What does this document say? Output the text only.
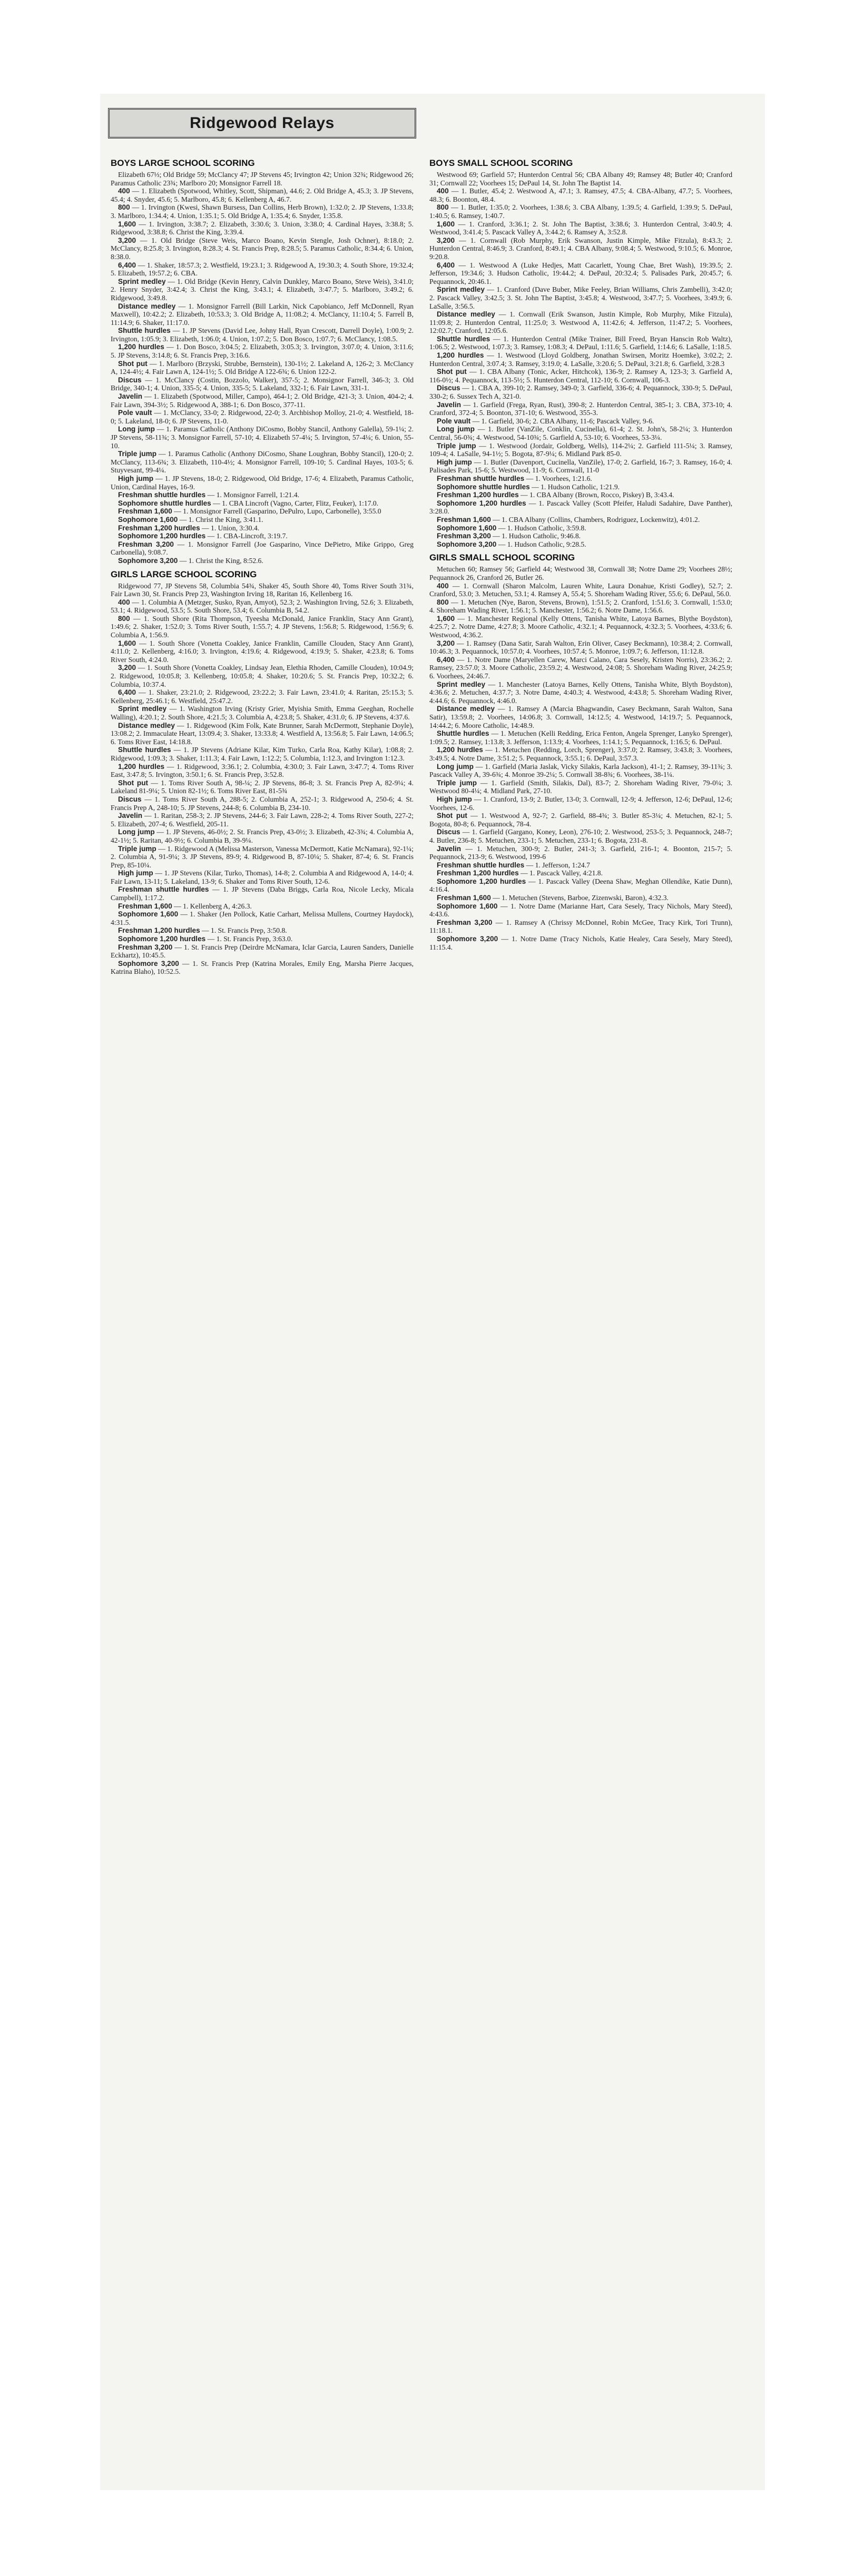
Ridgewood Relays
BOYS LARGE SCHOOL SCORING

Elizabeth 67⅓; Old Bridge 59; McClancy 47; JP Stevens 45; Irvington 42; Union 32¾; Ridgewood 26; Paramus Catholic 23¾; Marlboro 20; Monsignor Farrell 18.

400 — 1. Elizabeth (Spotwood, Whitley, Scott, Shipman), 44.6; 2. Old Bridge A, 45.3; 3. JP Stevens, 45.4; 4. Snyder, 45.6; 5. Marlboro, 45.8; 6. Kellenberg A, 46.7.

800 — 1. Irvington (Kwesi, Shawn Bursess, Dan Collins, Herb Brown), 1:32.0; 2. JP Stevens, 1:33.8; 3. Marlboro, 1:34.4; 4. Union, 1:35.1; 5. Old Bridge A, 1:35.4; 6. Snyder, 1:35.8.

1,600 — 1. Irvington, 3:38.7; 2. Elizabeth, 3:30.6; 3. Union, 3:38.0; 4. Cardinal Hayes, 3:38.8; 5. Ridgewood, 3:38.8; 6. Christ the King, 3:39.4.

3,200 — 1. Old Bridge (Steve Weis, Marco Boano, Kevin Stengle, Josh Ochner), 8:18.0; 2. McClancy, 8:25.8; 3. Irvington, 8:28.3; 4. St. Francis Prep, 8:28.5; 5. Paramus Catholic, 8:34.4; 6. Union, 8:38.0.

6,400 — 1. Shaker, 18:57.3; 2. Westfield, 19:23.1; 3. Ridgewood A, 19:30.3; 4. South Shore, 19:32.4; 5. Elizabeth, 19:57.2; 6. CBA.

Sprint medley — 1. Old Bridge (Kevin Henry, Calvin Dunkley, Marco Boano, Steve Weis), 3:41.0; 2. Henry Snyder, 3:42.4; 3. Christ the King, 3:43.1; 4. Elizabeth, 3:47.7; 5. Marlboro, 3:49.2; 6. Ridgewood, 3:49.8.

Distance medley — 1. Monsignor Farrell (Bill Larkin, Nick Capobianco, Jeff McDonnell, Ryan Maxwell), 10:42.2; 2. Elizabeth, 10:53.3; 3. Old Bridge A, 11:08.2; 4. McClancy, 11:10.4; 5. Farrell B, 11:14.9; 6. Shaker, 11:17.0.

Shuttle hurdles — 1. JP Stevens (David Lee, Johny Hall, Ryan Crescott, Darrell Doyle), 1:00.9; 2. Irvington, 1:05.9; 3. Elizabeth, 1:06.0; 4. Union, 1:07.2; 5. Don Bosco, 1:07.7; 6. McClancy, 1:08.5.

1,200 hurdles — 1. Don Bosco, 3:04.5; 2. Elizabeth, 3:05.3; 3. Irvington, 3:07.0; 4. Union, 3:11.6; 5. JP Stevens, 3:14.8; 6. St. Francis Prep, 3:16.6.

Shot put — 1. Marlboro (Brzyski, Strubbe, Bernstein), 130-1½; 2. Lakeland A, 126-2; 3. McClancy A, 124-4½; 4. Fair Lawn A, 124-1½; 5. Old Bridge A 122-6¾; 6. Union 122-2.

Discus — 1. McClancy (Costin, Bozzolo, Walker), 357-5; 2. Monsignor Farrell, 346-3; 3. Old Bridge, 340-1; 4. Union, 335-5; 4. Union, 335-5; 5. Lakeland, 332-1; 6. Fair Lawn, 331-1.

Javelin — 1. Elizabeth (Spotwood, Miller, Campo), 464-1; 2. Old Bridge, 421-3; 3. Union, 404-2; 4. Fair Lawn, 394-3½; 5. Ridgewood A, 388-1; 6. Don Bosco, 377-11.

Pole vault — 1. McClancy, 33-0; 2. Ridgewood, 22-0; 3. Archbishop Molloy, 21-0; 4. Westfield, 18-0; 5. Lakeland, 18-0; 6. JP Stevens, 11-0.

Long jump — 1. Paramus Catholic (Anthony DiCosmo, Bobby Stancil, Anthony Galella), 59-1¼; 2. JP Stevens, 58-11¾; 3. Monsignor Farrell, 57-10; 4. Elizabeth 57-4¼; 5. Irvington, 57-4¼; 6. Union, 55-10.

Triple jump — 1. Paramus Catholic (Anthony DiCosmo, Shane Loughran, Bobby Stancil), 120-0; 2. McClancy, 113-6¾; 3. Elizabeth, 110-4½; 4. Monsignor Farrell, 109-10; 5. Cardinal Hayes, 103-5; 6. Stuyvesant, 99-4¼.

High jump — 1. JP Stevens, 18-0; 2. Ridgewood, Old Bridge, 17-6; 4. Elizabeth, Paramus Catholic, Union, Cardinal Hayes, 16-9.

Freshman shuttle hurdles — 1. Monsignor Farrell, 1:21.4.

Sophomore shuttle hurdles — 1. CBA Lincroft (Vagno, Carter, Flitz, Feuker), 1:17.0.

Freshman 1,600 — 1. Monsignor Farrell (Gasparino, DePulro, Lupo, Carbonelle), 3:55.0

Sophomore 1,600 — 1. Christ the King, 3:41.1.

Freshman 1,200 hurdles — 1. Union, 3:30.4.

Sophomore 1,200 hurdles — 1. CBA-Lincroft, 3:19.7.

Freshman 3,200 — 1. Monsignor Farrell (Joe Gasparino, Vince DePietro, Mike Grippo, Greg Carbonella), 9:08.7.

Sophomore 3,200 — 1. Christ the King, 8:52.6.

GIRLS LARGE SCHOOL SCORING

Ridgewood 77, JP Stevens 58, Columbia 54¾, Shaker 45, South Shore 40, Toms River South 31¾, Fair Lawn 30, St. Francis Prep 23, Washington Irving 18, Raritan 16, Kellenberg 16.

400 — 1. Columbia A (Metzger, Susko, Ryan, Amyot), 52.3; 2. Washington Irving, 52.6; 3. Elizabeth, 53.1; 4. Ridgewood, 53.5; 5. South Shore, 53.4; 6. Columbia B, 54.2.

800 — 1. South Shore (Rita Thompson, Tyeesha McDonald, Janice Franklin, Stacy Ann Grant), 1:49.6; 2. Shaker, 1:52.0; 3. Toms River South, 1:55.7; 4. JP Stevens, 1:56.8; 5. Ridgewood, 1:56.9; 6. Columbia A, 1:56.9.

1,600 — 1. South Shore (Vonetta Coakley, Janice Franklin, Camille Clouden, Stacy Ann Grant), 4:11.0; 2. Kellenberg, 4:16.0; 3. Irvington, 4:19.6; 4. Ridgewood, 4:19.9; 5. Shaker, 4:23.8; 6. Toms River South, 4:24.0.

3,200 — 1. South Shore (Vonetta Coakley, Lindsay Jean, Elethia Rhoden, Camille Clouden), 10:04.9; 2. Ridgewood, 10:05.8; 3. Kellenberg, 10:05.8; 4. Shaker, 10:20.6; 5. St. Francis Prep, 10:32.2; 6. Columbia, 10:37.4.

6,400 — 1. Shaker, 23:21.0; 2. Ridgewood, 23:22.2; 3. Fair Lawn, 23:41.0; 4. Raritan, 25:15.3; 5. Kellenberg, 25:46.1; 6. Westfield, 25:47.2.

Sprint medley — 1. Washington Irving (Kristy Grier, Myishia Smith, Emma Geeghan, Rochelle Walling), 4:20.1; 2. South Shore, 4:21.5; 3. Columbia A, 4:23.8; 5. Shaker, 4:31.0; 6. JP Stevens, 4:37.6.

Distance medley — 1. Ridgewood (Kim Folk, Kate Brunner, Sarah McDermott, Stephanie Doyle), 13:08.2; 2. Immaculate Heart, 13:09.4; 3. Shaker, 13:33.8; 4. Westfield A, 13:56.8; 5. Fair Lawn, 14:06.5; 6. Toms River East, 14:18.8.

Shuttle hurdles — 1. JP Stevens (Adriane Kilar, Kim Turko, Carla Roa, Kathy Kilar), 1:08.8; 2. Ridgewood, 1:09.3; 3. Shaker, 1:11.3; 4. Fair Lawn, 1:12.2; 5. Columbia, 1:12.3, and Irvington 1:12.3.

1,200 hurdles — 1. Ridgewood, 3:36.1; 2. Columbia, 4:30.0; 3. Fair Lawn, 3:47.7; 4. Toms River East, 3:47.8; 5. Irvington, 3:50.1; 6. St. Francis Prep, 3:52.8.

Shot put — 1. Toms River South A, 98-¼; 2. JP Stevens, 86-8; 3. St. Francis Prep A, 82-9¼; 4. Lakeland 81-9¼; 5. Union 82-1½; 6. Toms River East, 81-5¾

Discus — 1. Toms River South A, 288-5; 2. Columbia A, 252-1; 3. Ridgewood A, 250-6; 4. St. Francis Prep A, 248-10; 5. JP Stevens, 244-8; 6. Columbia B, 234-10.

Javelin — 1. Raritan, 258-3; 2. JP Stevens, 244-6; 3. Fair Lawn, 228-2; 4. Toms River South, 227-2; 5. Elizabeth, 207-4; 6. Westfield, 205-11.

Long jump — 1. JP Stevens, 46-0½; 2. St. Francis Prep, 43-0½; 3. Elizabeth, 42-3¾; 4. Columbia A, 42-1½; 5. Raritan, 40-9½; 6. Columbia B, 39-9¼.

Triple jump — 1. Ridgewood A (Melissa Masterson, Vanessa McDermott, Katie McNamara), 92-1¼; 2. Columbia A, 91-9¼; 3. JP Stevens, 89-9; 4. Ridgewood B, 87-10¼; 5. Shaker, 87-4; 6. St. Francis Prep, 85-10¼.

High jump — 1. JP Stevens (Kilar, Turko, Thomas), 14-8; 2. Columbia A and Ridgewood A, 14-0; 4. Fair Lawn, 13-11; 5. Lakeland, 13-9; 6. Shaker and Toms River South, 12-6.

Freshman shuttle hurdles — 1. JP Stevens (Daba Briggs, Carla Roa, Nicole Lecky, Micala Campbell), 1:17.2.

Freshman 1,600 — 1. Kellenberg A, 4:26.3.

Sophomore 1,600 — 1. Shaker (Jen Pollock, Katie Carhart, Melissa Mullens, Courtney Haydock), 4:31.5.

Freshman 1,200 hurdles — 1. St. Francis Prep, 3:50.8.

Sophomore 1,200 hurdles — 1. St. Francis Prep, 3:63.0.

Freshman 3,200 — 1. St. Francis Prep (Deirdre McNamara, Iclar Garcia, Lauren Sanders, Danielle Eckhartz), 10:45.5.

Sophomore 3,200 — 1. St. Francis Prep (Katrina Morales, Emily Eng, Marsha Pierre Jacques, Katrina Blaho), 10:52.5.

BOYS SMALL SCHOOL SCORING

Westwood 69; Garfield 57; Hunterdon Central 56; CBA Albany 49; Ramsey 48; Butler 40; Cranford 31; Cornwall 22; Voorhees 15; DePaul 14, St. John The Baptist 14.

400 — 1. Butler, 45.4; 2. Westwood A, 47.1; 3. Ramsey, 47.5; 4. CBA-Albany, 47.7; 5. Voorhees, 48.3; 6. Boonton, 48.4.

800 — 1. Butler, 1:35.0; 2. Voorhees, 1:38.6; 3. CBA Albany, 1:39.5; 4. Garfield, 1:39.9; 5. DePaul, 1:40.5; 6. Ramsey, 1:40.7.

1,600 — 1. Cranford, 3:36.1; 2. St. John The Baptist, 3:38.6; 3. Hunterdon Central, 3:40.9; 4. Westwood, 3:41.4; 5. Pascack Valley A, 3:44.2; 6. Ramsey A, 3:52.8.

3,200 — 1. Cornwall (Rob Murphy, Erik Swanson, Justin Kimple, Mike Fitzula), 8:43.3; 2. Hunterdon Central, 8:46.9; 3. Cranford, 8:49.1; 4. CBA Albany, 9:08.4; 5. Westwood, 9:10.5; 6. Monroe, 9:20.8.

6,400 — 1. Westwood A (Luke Hedjes, Matt Cacarlett, Young Chae, Bret Wash), 19:39.5; 2. Jefferson, 19:34.6; 3. Hudson Catholic, 19:44.2; 4. DePaul, 20:32.4; 5. Palisades Park, 20:45.7; 6. Pequannock, 20:46.1.

Sprint medley — 1. Cranford (Dave Buber, Mike Feeley, Brian Williams, Chris Zambelli), 3:42.0; 2. Pascack Valley, 3:42.5; 3. St. John The Baptist, 3:45.8; 4. Westwood, 3:47.7; 5. Voorhees, 3:49.9; 6. LaSalle, 3:56.5.

Distance medley — 1. Cornwall (Erik Swanson, Justin Kimple, Rob Murphy, Mike Fitzula), 11:09.8; 2. Hunterdon Central, 11:25.0; 3. Westwood A, 11:42.6; 4. Jefferson, 11:47.2; 5. Voorhees, 12:02.7; Cranford, 12:05.6.

Shuttle hurdles — 1. Hunterdon Central (Mike Trainer, Bill Freed, Bryan Hanscin Rob Waltz), 1:06.5; 2. Westwood, 1:07.3; 3. Ramsey, 1:08.3; 4. DePaul, 1:11.6; 5. Garfield, 1:14.6; 6. LaSalle, 1:18.5.

1,200 hurdles — 1. Westwood (Lloyd Goldberg, Jonathan Swirsen, Moritz Hoemke), 3:02.2; 2. Hunterdon Central, 3:07.4; 3. Ramsey, 3:19.0; 4. LaSalle, 3:20.6; 5. DePaul, 3:21.8; 6. Garfield, 3:28.3

Shot put — 1. CBA Albany (Tonic, Acker, Hitchcok), 136-9; 2. Ramsey A, 123-3; 3. Garfield A, 116-0½; 4. Pequannock, 113-5½; 5. Hunterdon Central, 112-10; 6. Cornwall, 106-3.

Discus — 1. CBA A, 399-10; 2. Ramsey, 349-0; 3. Garfield, 336-6; 4. Pequannock, 330-9; 5. DePaul, 330-2; 6. Sussex Tech A, 321-0.

Javelin — 1. Garfield (Frega, Ryan, Rust), 390-8; 2. Hunterdon Central, 385-1; 3. CBA, 373-10; 4. Cranford, 372-4; 5. Boonton, 371-10; 6. Westwood, 355-3.

Pole vault — 1. Garfield, 30-6; 2. CBA Albany, 11-6; Pascack Valley, 9-6.

Long jump — 1. Butler (VanZile, Conklin, Cucinella), 61-4; 2. St. John's, 58-2¼; 3. Hunterdon Central, 56-0¾; 4. Westwood, 54-10¾; 5. Garfield A, 53-10; 6. Voorhees, 53-3¼.

Triple jump — 1. Westwood (Jordair, Goldberg, Wells), 114-2¼; 2. Garfield 111-5¼; 3. Ramsey, 109-4; 4. LaSalle, 94-1½; 5. Bogota, 87-9¼; 6. Midland Park 85-0.

High jump — 1. Butler (Davenport, Cucinella, VanZile), 17-0; 2. Garfield, 16-7; 3. Ramsey, 16-0; 4. Palisades Park, 15-6; 5. Westwood, 11-9; 6. Cornwall, 11-0

Freshman shuttle hurdles — 1. Voorhees, 1:21.6.

Sophomore shuttle hurdles — 1. Hudson Catholic, 1:21.9.

Freshman 1,200 hurdles — 1. CBA Albany (Brown, Rocco, Piskey) B, 3:43.4.

Sophomore 1,200 hurdles — 1. Pascack Valley (Scott Pfeifer, Haludi Sadahire, Dave Panther), 3:28.0.

Freshman 1,600 — 1. CBA Albany (Collins, Chambers, Rodriguez, Lockenwitz), 4:01.2.

Sophomore 1,600 — 1. Hudson Catholic, 3:59.8.

Freshman 3,200 — 1. Hudson Catholic, 9:46.8.

Sophomore 3,200 — 1. Hudson Catholic, 9:28.5.

GIRLS SMALL SCHOOL SCORING

Metuchen 60; Ramsey 56; Garfield 44; Westwood 38, Cornwall 38; Notre Dame 29; Voorhees 28½; Pequannock 26, Cranford 26, Butler 26.

400 — 1. Cornwall (Sharon Malcolm, Lauren White, Laura Donahue, Kristi Godley), 52.7; 2. Cranford, 53.0; 3. Metuchen, 53.1; 4. Ramsey A, 55.4; 5. Shoreham Wading River, 55.6; 6. DePaul, 56.0.

800 — 1. Metuchen (Nye, Baron, Stevens, Brown), 1:51.5; 2. Cranford, 1:51.6; 3. Cornwall, 1:53.0; 4. Shoreham Wading River, 1:56.1; 5. Manchester, 1:56.2; 6. Notre Dame, 1:56.6.

1,600 — 1. Manchester Regional (Kelly Ottens, Tanisha White, Latoya Barnes, Blythe Boydston), 4:25.7; 2. Notre Dame, 4:27.8; 3. Moore Catholic, 4:32.1; 4. Pequannock, 4:32.3; 5. Voorhees, 4:33.6; 6. Westwood, 4:36.2.

3,200 — 1. Ramsey (Dana Satir, Sarah Walton, Erin Oliver, Casey Beckmann), 10:38.4; 2. Cornwall, 10:46.3; 3. Pequannock, 10:57.0; 4. Voorhees, 10:57.4; 5. Monroe, 1:09.7; 6. Jefferson, 11:12.8.

6,400 — 1. Notre Dame (Maryellen Carew, Marci Calano, Cara Sesely, Kristen Norris), 23:36.2; 2. Ramsey, 23:57.0; 3. Moore Catholic, 23:59.2; 4. Westwood, 24:08; 5. Shoreham Wading River, 24:25.9; 6. Voorhees, 24:46.7.

Sprint medley — 1. Manchester (Latoya Barnes, Kelly Ottens, Tanisha White, Blyth Boydston), 4:36.6; 2. Metuchen, 4:37.7; 3. Notre Dame, 4:40.3; 4. Westwood, 4:43.8; 5. Shoreham Wading River, 4:44.6; 6. Pequannock, 4:46.0.

Distance medley — 1. Ramsey A (Marcia Bhagwandin, Casey Beckmann, Sarah Walton, Sana Satir), 13:59.8; 2. Voorhees, 14:06.8; 3. Cornwall, 14:12.5; 4. Westwood, 14:19.7; 5. Pequannock, 14:44.2; 6. Moore Catholic, 14:48.9.

Shuttle hurdles — 1. Metuchen (Kelli Redding, Erica Fenton, Angela Sprenger, Lanyko Sprenger), 1:09.5; 2. Ramsey, 1:13.8; 3. Jefferson, 1:13.9; 4. Voorhees, 1:14.1; 5. Pequannock, 1:16.5; 6. DePaul.

1,200 hurdles — 1. Metuchen (Redding, Lorch, Sprenger), 3:37.0; 2. Ramsey, 3:43.8; 3. Voorhees, 3:49.5; 4. Notre Dame, 3:51.2; 5. Pequannock, 3:55.1; 6. DePaul, 3:57.3.

Long jump — 1. Garfield (Maria Jaslak, Vicky Silakis, Karla Jackson), 41-1; 2. Ramsey, 39-11¾; 3. Pascack Valley A, 39-6¾; 4. Monroe 39-2¼; 5. Cornwall 38-8¾; 6. Voorhees, 38-1¼.

Triple jump — 1. Garfield (Smith, Silakis, Dal), 83-7; 2. Shoreham Wading River, 79-0¼; 3. Westwood 80-4¼; 4. Midland Park, 27-10.

High jump — 1. Cranford, 13-9; 2. Butler, 13-0; 3. Cornwall, 12-9; 4. Jefferson, 12-6; DePaul, 12-6; Voorhees, 12-6.

Shot put — 1. Westwood A, 92-7; 2. Garfield, 88-4¾; 3. Butler 85-3¼; 4. Metuchen, 82-1; 5. Bogota, 80-8; 6. Pequannock, 78-4.

Discus — 1. Garfield (Gargano, Koney, Leon), 276-10; 2. Westwood, 253-5; 3. Pequannock, 248-7; 4. Butler, 236-8; 5. Metuchen, 233-1; 5. Metuchen, 233-1; 6. Bogota, 231-8.

Javelin — 1. Metuchen, 300-9; 2. Butler, 241-3; 3. Garfield, 216-1; 4. Boonton, 215-7; 5. Pequannock, 213-9; 6. Westwood, 199-6

Freshman shuttle hurdles — 1. Jefferson, 1:24.7

Freshman 1,200 hurdles — 1. Pascack Valley, 4:21.8.

Sophomore 1,200 hurdles — 1. Pascack Valley (Deena Shaw, Meghan Ollendike, Katie Dunn), 4:16.4.

Freshman 1,600 — 1. Metuchen (Stevens, Barboe, Zizenwski, Baron), 4:32.3.

Sophomore 1,600 — 1. Notre Dame (Marianne Hart, Cara Sesely, Tracy Nichols, Mary Steed), 4:43.6.

Freshman 3,200 — 1. Ramsey A (Chrissy McDonnel, Robin McGee, Tracy Kirk, Tori Trunn), 11:18.1.

Sophomore 3,200 — 1. Notre Dame (Tracy Nichols, Katie Healey, Cara Sesely, Mary Steed), 11:15.4.
